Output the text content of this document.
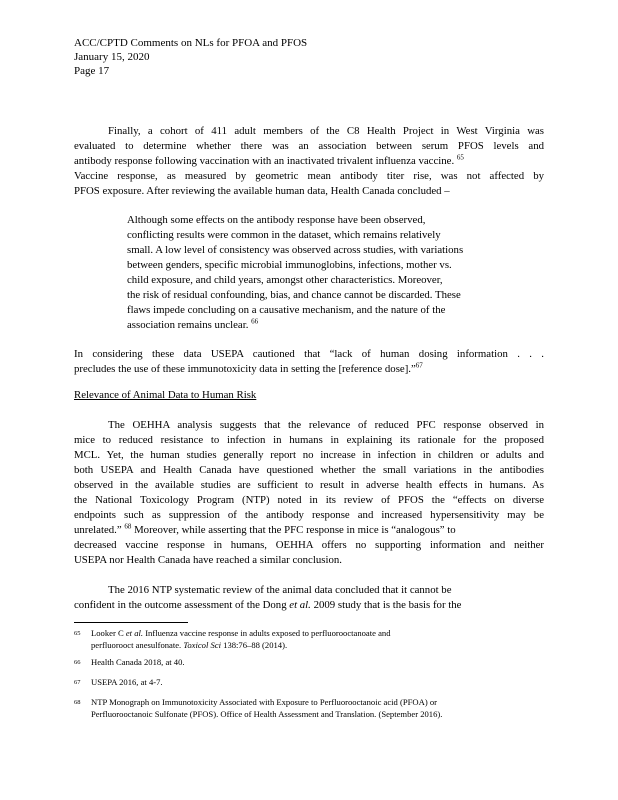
ACC/CPTD Comments on NLs for PFOA and PFOS
January 15, 2020
Page 17
Finally, a cohort of 411 adult members of the C8 Health Project in West Virginia was
evaluated to determine whether there was an association between serum PFOS levels and
antibody response following vaccination with an inactivated trivalent influenza vaccine. $^{65}$
Vaccine response, as measured by geometric mean antibody titer rise, was not affected by
PFOS exposure. After reviewing the available human data, Health Canada concluded –
Although some effects on the antibody response have been observed,
conflicting results were common in the dataset, which remains relatively
small. A low level of consistency was observed across studies, with variations
between genders, specific microbial immunoglobins, infections, mother vs.
child exposure, and child years, amongst other characteristics. Moreover,
the risk of residual confounding, bias, and chance cannot be discarded. These
flaws impede concluding on a causative mechanism, and the nature of the
association remains unclear. $^{66}$
In considering these data USEPA cautioned that “lack of human dosing information . . .
precludes the use of these immunotoxicity data in setting the [reference dose].”$^{67}$
Relevance of Animal Data to Human Risk
The OEHHA analysis suggests that the relevance of reduced PFC response observed in
mice to reduced resistance to infection in humans in explaining its rationale for the proposed
MCL. Yet, the human studies generally report no increase in infection in children or adults and
both USEPA and Health Canada have questioned whether the small variations in the antibodies
observed in the available studies are sufficient to result in adverse health effects in humans. As
the National Toxicology Program (NTP) noted in its review of PFOS the “effects on diverse
endpoints such as suppression of the antibody response and increased hypersensitivity may be
unrelated.” $^{68}$ Moreover, while asserting that the PFC response in mice is “analogous” to
decreased vaccine response in humans, OEHHA offers no supporting information and neither
USEPA nor Health Canada have reached a similar conclusion.
The 2016 NTP systematic review of the animal data concluded that it cannot be
confident in the outcome assessment of the Dong et al. 2009 study that is the basis for the
65 Looker C et al. Influenza vaccine response in adults exposed to perfluorooctanoate and
perfluorooct anesulfonate. Toxicol Sci 138:76–88 (2014).
66 Health Canada 2018, at 40.
67 USEPA 2016, at 4-7.
68 NTP Monograph on Immunotoxicity Associated with Exposure to Perfluorooctanoic acid (PFOA) or
Perfluorooctanoic Sulfonate (PFOS). Office of Health Assessment and Translation. (September 2016).
